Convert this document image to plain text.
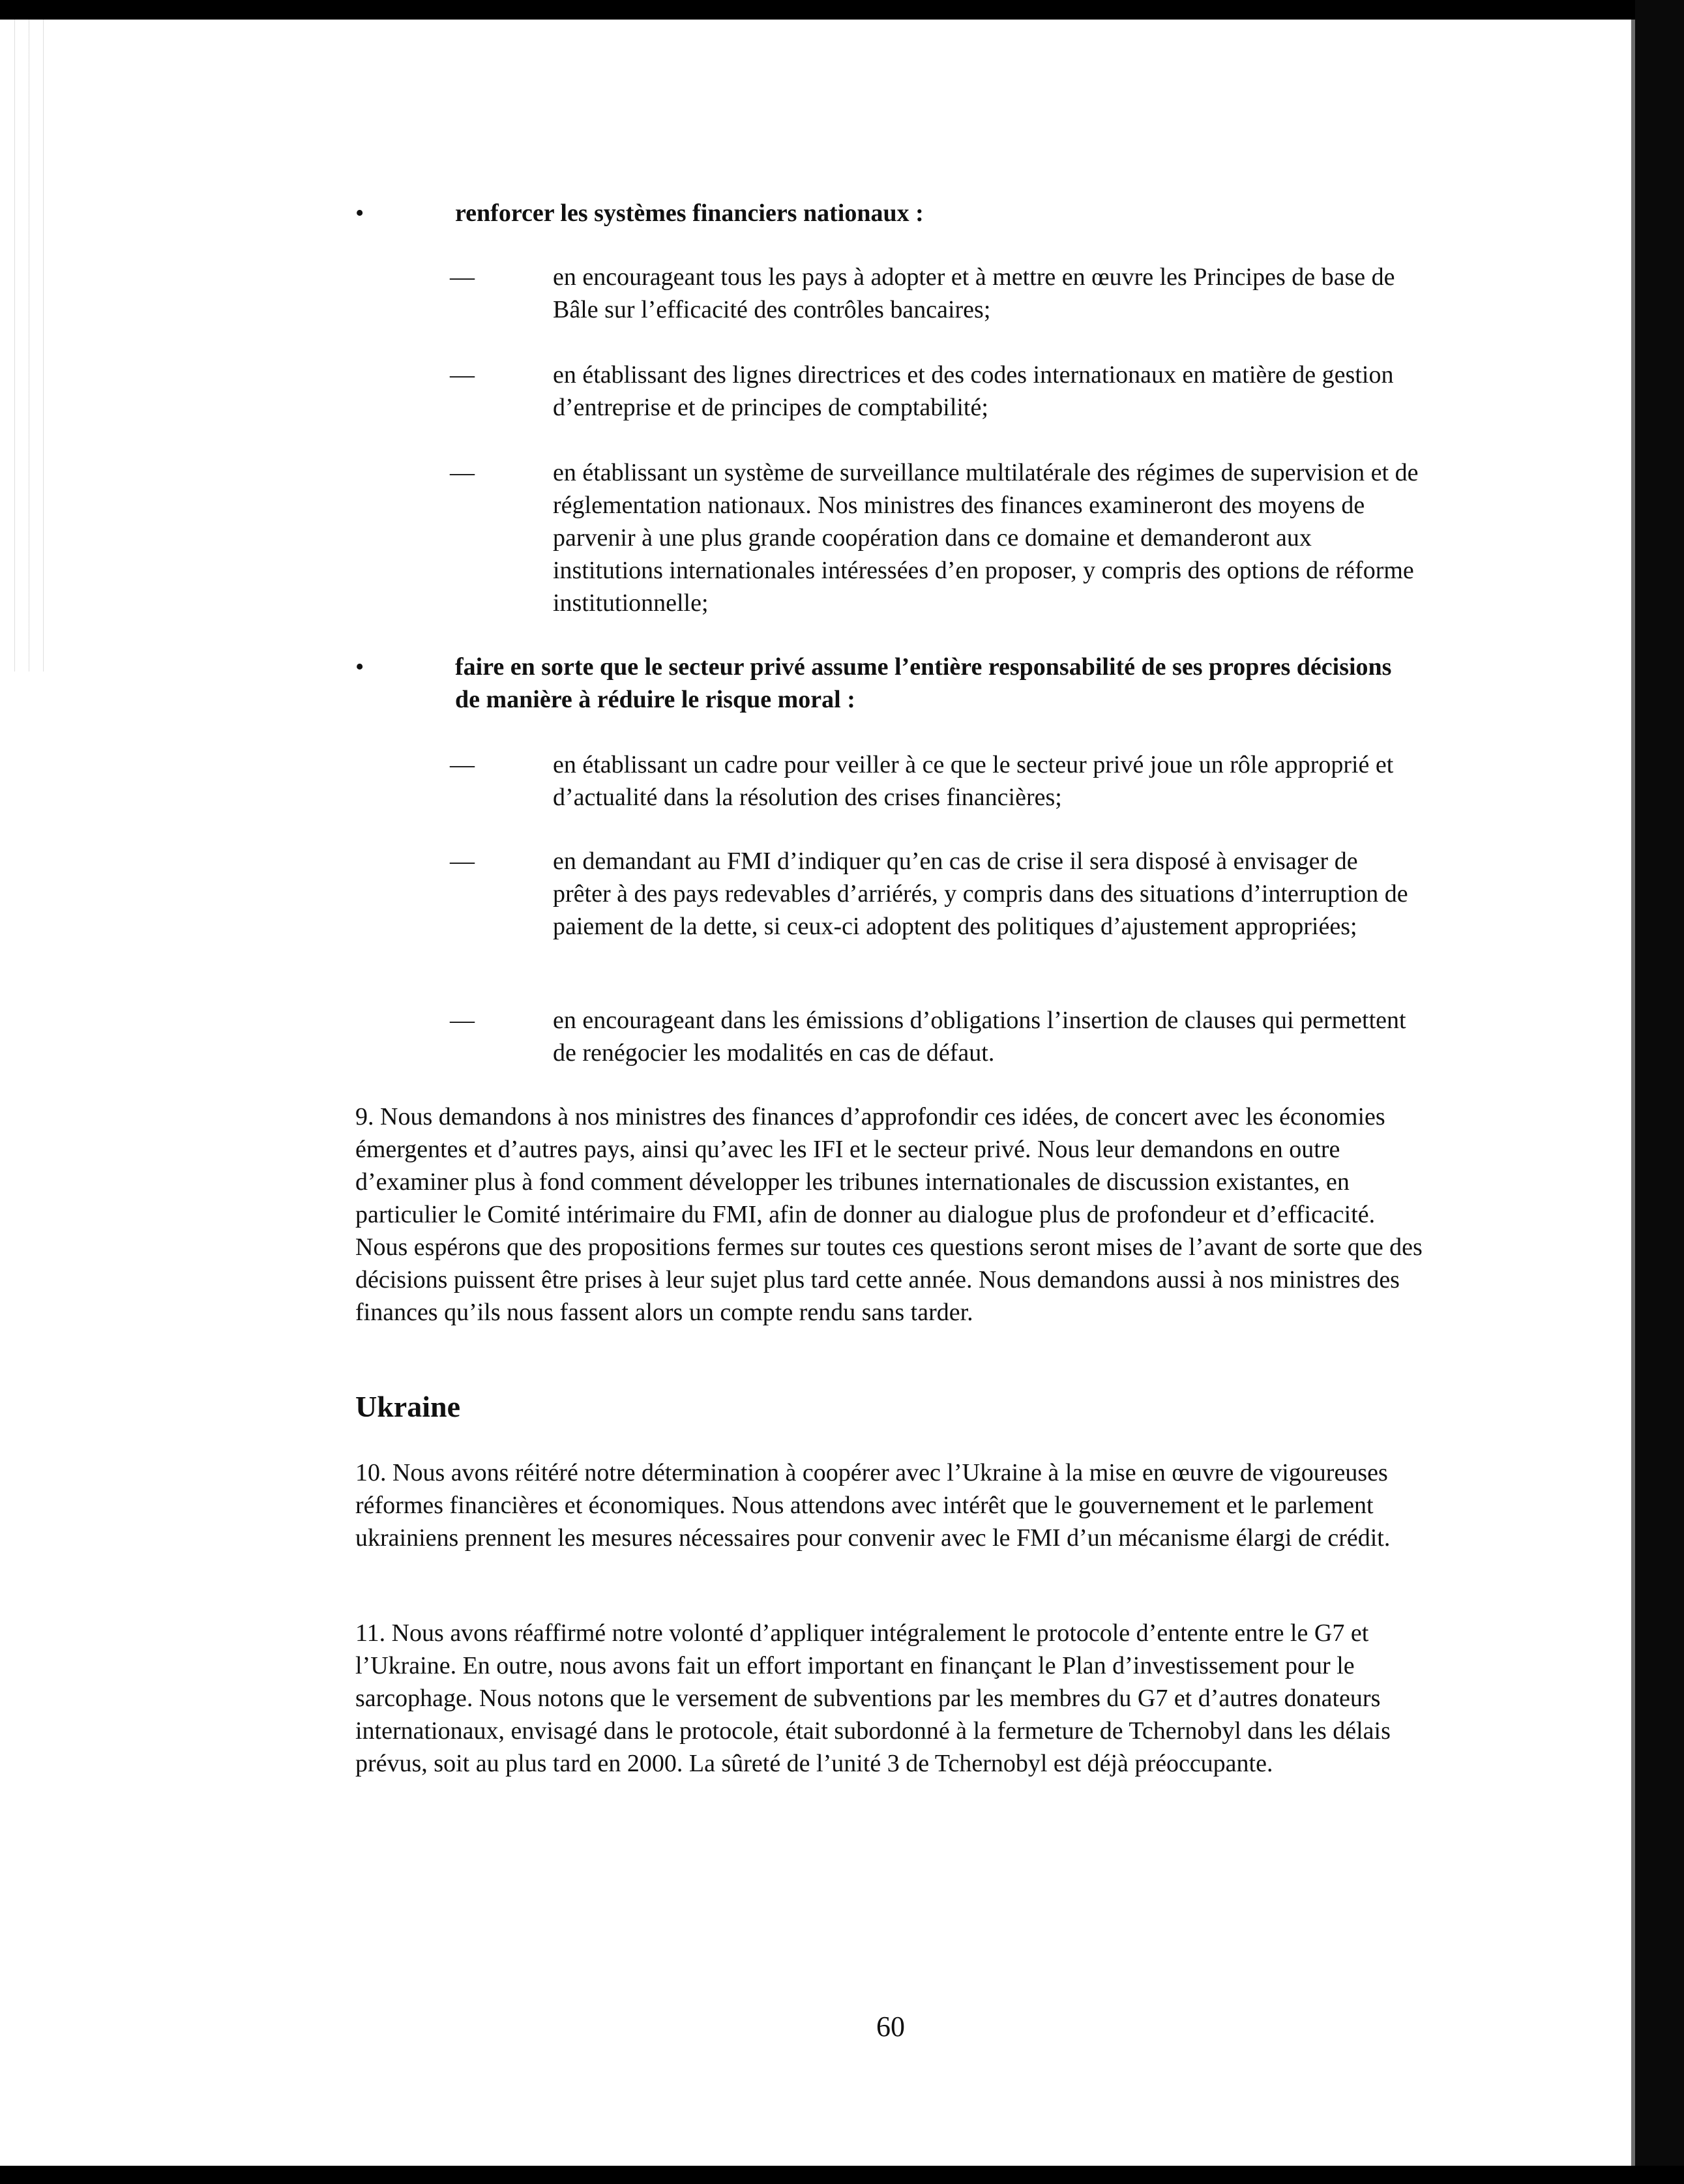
•	renforcer les systèmes financiers nationaux :
—	en encourageant tous les pays à adopter et à mettre en œuvre les Principes de base de Bâle sur l’efficacité des contrôles bancaires;
—	en établissant des lignes directrices et des codes internationaux en matière de gestion d’entreprise et de principes de comptabilité;
—	en établissant un système de surveillance multilatérale des régimes de supervision et de réglementation nationaux. Nos ministres des finances examineront des moyens de parvenir à une plus grande coopération dans ce domaine et demanderont aux institutions internationales intéressées d’en proposer, y compris des options de réforme institutionnelle;
•	faire en sorte que le secteur privé assume l’entière responsabilité de ses propres décisions de manière à réduire le risque moral :
—	en établissant un cadre pour veiller à ce que le secteur privé joue un rôle approprié et d’actualité dans la résolution des crises financières;
—	en demandant au FMI d’indiquer qu’en cas de crise il sera disposé à envisager de prêter à des pays redevables d’arriérés, y compris dans des situations d’interruption de paiement de la dette, si ceux-ci adoptent des politiques d’ajustement appropriées;
—	en encourageant dans les émissions d’obligations l’insertion de clauses qui permettent de renégocier les modalités en cas de défaut.
9. Nous demandons à nos ministres des finances d’approfondir ces idées, de concert avec les économies émergentes et d’autres pays, ainsi qu’avec les IFI et le secteur privé. Nous leur demandons en outre d’examiner plus à fond comment développer les tribunes internationales de discussion existantes, en particulier le Comité intérimaire du FMI, afin de donner au dialogue plus de profondeur et d’efficacité. Nous espérons que des propositions fermes sur toutes ces questions seront mises de l’avant de sorte que des décisions puissent être prises à leur sujet plus tard cette année. Nous demandons aussi à nos ministres des finances qu’ils nous fassent alors un compte rendu sans tarder.
Ukraine
10. Nous avons réitéré notre détermination à coopérer avec l’Ukraine à la mise en œuvre de vigoureuses réformes financières et économiques. Nous attendons avec intérêt que le gouvernement et le parlement ukrainiens prennent les mesures nécessaires pour convenir avec le FMI d’un mécanisme élargi de crédit.
11. Nous avons réaffirmé notre volonté d’appliquer intégralement le protocole d’entente entre le G7 et l’Ukraine. En outre, nous avons fait un effort important en finançant le Plan d’investissement pour le sarcophage. Nous notons que le versement de subventions par les membres du G7 et d’autres donateurs internationaux, envisagé dans le protocole, était subordonné à la fermeture de Tchernobyl dans les délais prévus, soit au plus tard en 2000. La sûreté de l’unité 3 de Tchernobyl est déjà préoccupante.
60
